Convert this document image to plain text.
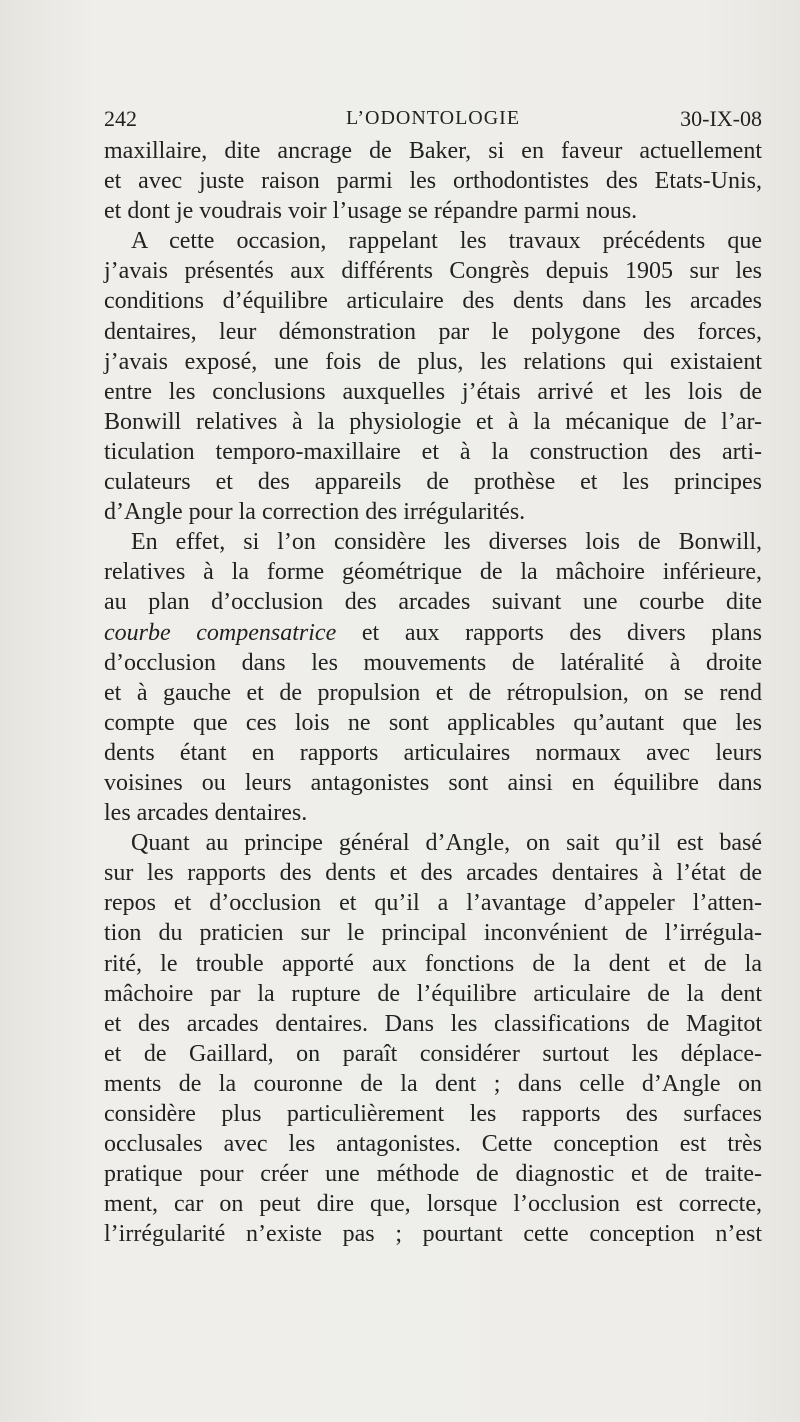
242	L’ODONTOLOGIE	30-IX-08
maxillaire, dite ancrage de Baker, si en faveur actuellement
et avec juste raison parmi les orthodontistes des Etats-Unis,
et dont je voudrais voir l’usage se répandre parmi nous.
A cette occasion, rappelant les travaux précédents que
j’avais présentés aux différents Congrès depuis 1905 sur les
conditions d’équilibre articulaire des dents dans les arcades
dentaires, leur démonstration par le polygone des forces,
j’avais exposé, une fois de plus, les relations qui existaient
entre les conclusions auxquelles j’étais arrivé et les lois de
Bonwill relatives à la physiologie et à la mécanique de l’ar-
ticulation temporo-maxillaire et à la construction des arti-
culateurs et des appareils de prothèse et les principes
d’Angle pour la correction des irrégularités.
En effet, si l’on considère les diverses lois de Bonwill,
relatives à la forme géométrique de la mâchoire inférieure,
au plan d’occlusion des arcades suivant une courbe dite
courbe compensatrice et aux rapports des divers plans
d’occlusion dans les mouvements de latéralité à droite
et à gauche et de propulsion et de rétropulsion, on se rend
compte que ces lois ne sont applicables qu’autant que les
dents étant en rapports articulaires normaux avec leurs
voisines ou leurs antagonistes sont ainsi en équilibre dans
les arcades dentaires.
Quant au principe général d’Angle, on sait qu’il est basé
sur les rapports des dents et des arcades dentaires à l’état de
repos et d’occlusion et qu’il a l’avantage d’appeler l’atten-
tion du praticien sur le principal inconvénient de l’irrégula-
rité, le trouble apporté aux fonctions de la dent et de la
mâchoire par la rupture de l’équilibre articulaire de la dent
et des arcades dentaires. Dans les classifications de Magitot
et de Gaillard, on paraît considérer surtout les déplace-
ments de la couronne de la dent ; dans celle d’Angle on
considère plus particulièrement les rapports des surfaces
occlusales avec les antagonistes. Cette conception est très
pratique pour créer une méthode de diagnostic et de traite-
ment, car on peut dire que, lorsque l’occlusion est correcte,
l’irrégularité n’existe pas ; pourtant cette conception n’est
